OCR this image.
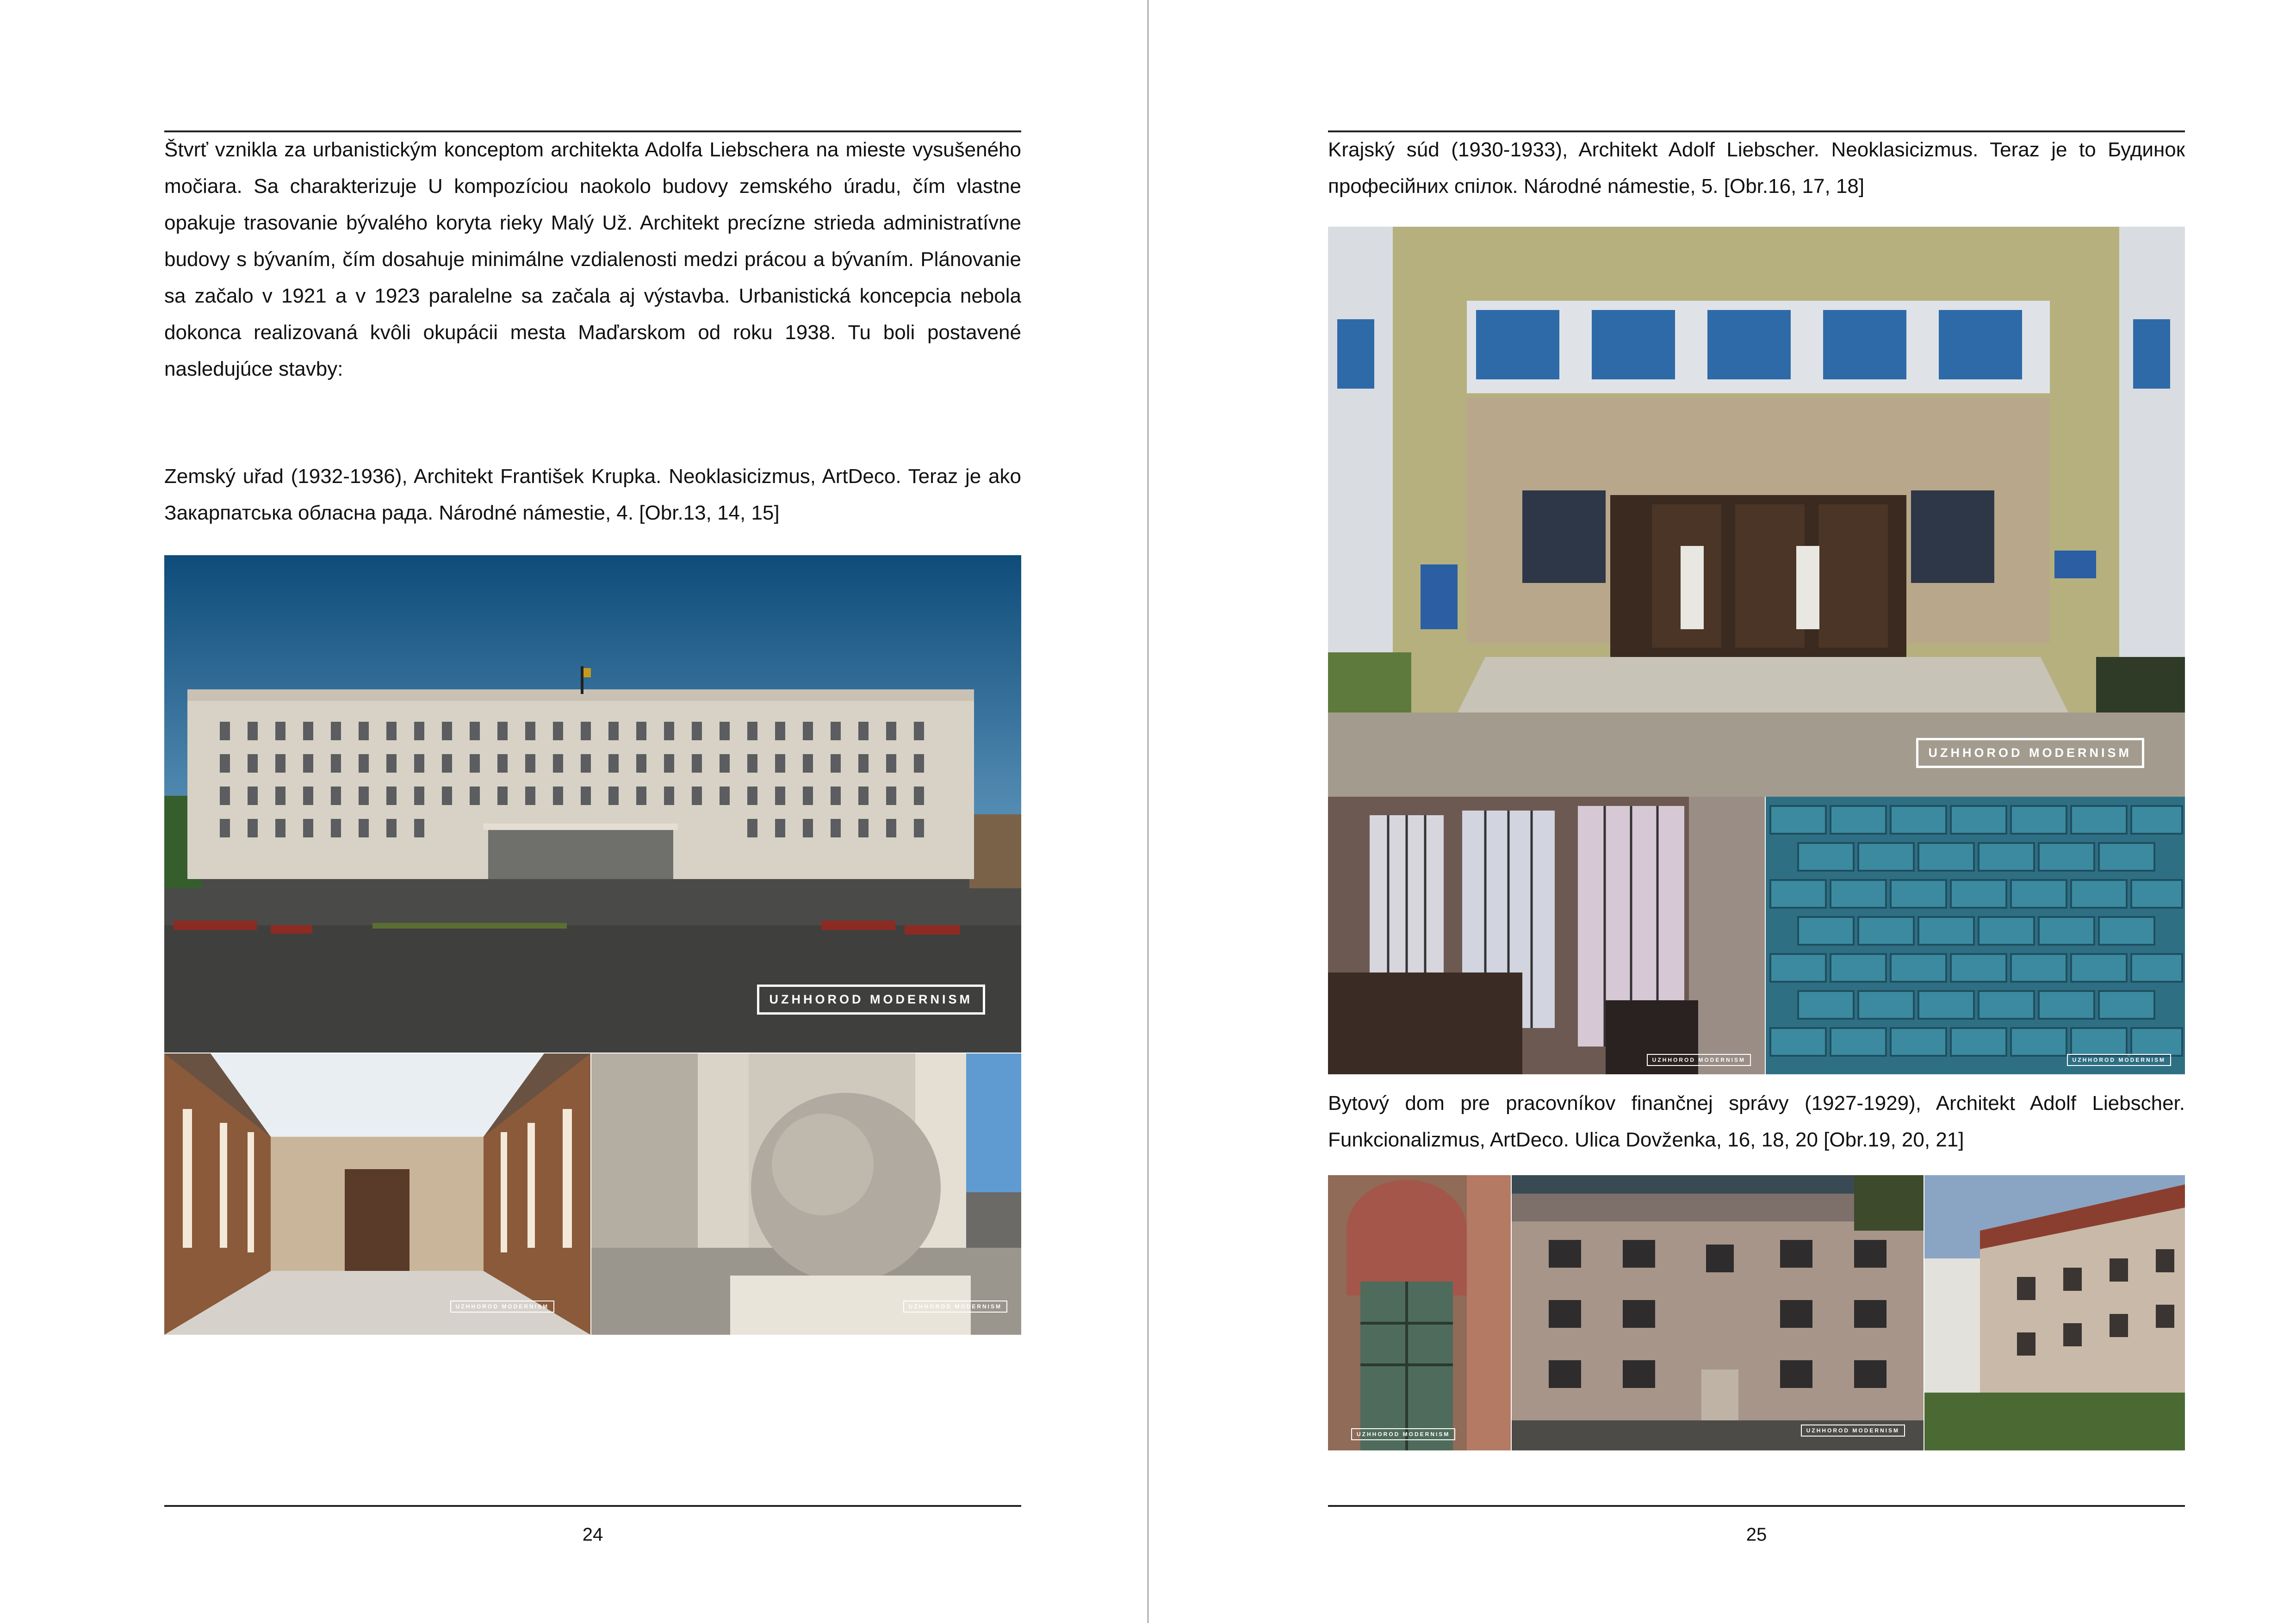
Štvrť vznikla za urbanistickým konceptom architekta Adolfa Liebschera na mieste vysušeného močiara. Sa charakterizuje U kompozíciou naokolo budovy zemského úradu, čím vlastne opakuje trasovanie bývalého koryta rieky Malý Už. Architekt precízne strieda administratívne budovy s bývaním, čím dosahuje minimálne vzdialenosti medzi prácou a bývaním. Plánovanie sa začalo v 1921 a v 1923 paralelne sa začala aj výstavba. Urbanistická koncepcia nebola dokonca realizovaná kvôli okupácii mesta Maďarskom od roku 1938. Tu boli postavené nasledujúce stavby:

Zemský uřad (1932-1936), Architekt František Krupka. Neoklasicizmus, ArtDeco. Teraz je ako Закарпатська обласна рада. Národné námestie, 4. [Obr.13, 14, 15]

UZHHOROD MODERNISM
UZHHOROD MODERNISM	UZHHOROD MODERNISM
24

Krajský súd (1930-1933), Architekt Adolf Liebscher. Neoklasicizmus. Teraz je to Будинок професійних спілок. Národné námestie, 5. [Obr.16, 17, 18]

UZHHOROD MODERNISM
UZHHOROD MODERNISM	UZHHOROD MODERNISM

Bytový dom pre pracovníkov finančnej správy (1927-1929), Architekt Adolf Liebscher. Funkcionalizmus, ArtDeco. Ulica Dovženka, 16, 18, 20 [Obr.19, 20, 21]

UZHHOROD MODERNISM
UZHHOROD MODERNISM
25
